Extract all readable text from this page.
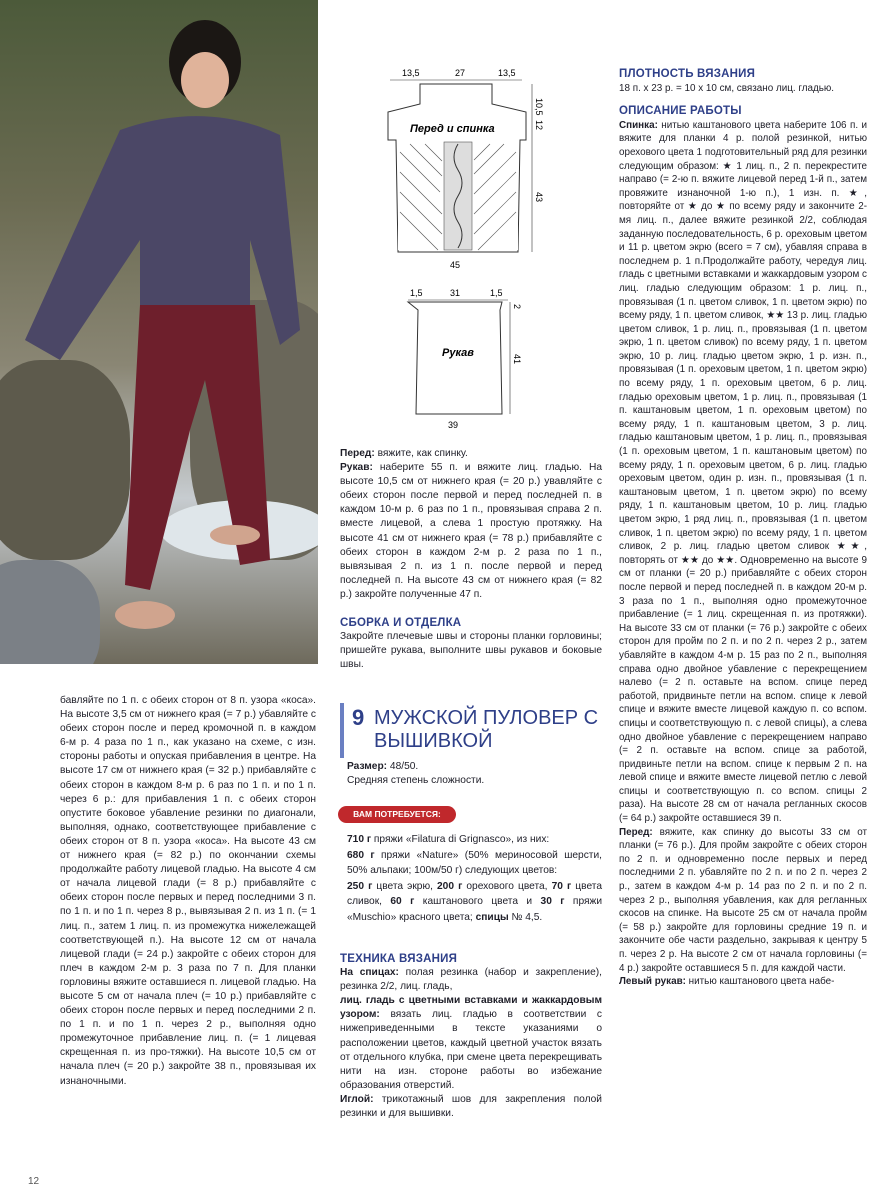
13,5	27	13,5
Перед и спинка
45
10,5
12
43
1,5	31	1,5
Рукав
39
2
41

бавляйте по 1 п. с обеих сторон от 8 п. узора «коса». На высоте 3,5 см от нижнего края (= 7 р.) убавляйте с обеих сторон после и перед кромочной п. в каждом 6-м р. 4 раза по 1 п., как указано на схеме, с изн. стороны работы и опуская прибавления в центре. На высоте 17 см от нижнего края (= 32 р.) прибавляйте с обеих сторон в каждом 8-м р. 6 раз по 1 п. и по 1 п. через 6 р.: для прибавления 1 п. с обеих сторон опустите боковое убавление резинки по диагонали, выполняя, однако, соответствующее прибавление с обеих сторон от 8 п. узора «коса». На высоте 43 см от нижнего края (= 82 р.) по окончании схемы продолжайте работу лицевой гладью. На высоте 4 см от начала лицевой глади (= 8 р.) прибавляйте с обеих сторон после первых и перед последними 3 п. по 1 п. и по 1 п. через 8 р., вывязывая 2 п. из 1 п. (= 1 лиц. п., затем 1 лиц. п. из промежутка нижележащей соответствующей п.). На высоте 12 см от начала лицевой глади (= 24 р.) закройте с обеих сторон для плеч в каждом 2-м р. 3 раза по 7 п. Для планки горловины вяжите оставшиеся п. лицевой гладью. На высоте 5 см от начала плеч (= 10 р.) прибавляйте с обеих сторон после первых и перед последними 2 п. по 1 п. и по 1 п. через 2 р., выполняя одно промежуточное прибавление лиц. п. (= 1 лицевая скрещенная п. из про-тяжки). На высоте 10,5 см от начала плеч (= 20 р.) закройте 38 п., провязывая их изнаночными.

Перед: вяжите, как спинку.

Рукав: наберите 55 п. и вяжите лиц. гладью. На высоте 10,5 см от нижнего края (= 20 р.) увавляйте с обеих сторон после первой и перед последней п. в каждом 10-м р. 6 раз по 1 п., провязывая справа 2 п. вместе лицевой, а слева 1 простую протяжку. На высоте 41 см от нижнего края (= 78 р.) прибавляйте с обеих сторон в каждом 2-м р. 2 раза по 1 п., вывязывая 2 п. из 1 п. после первой и перед последней п. На высоте 43 см от нижнего края (= 82 р.) закройте полученные 47 п.

СБОРКА И ОТДЕЛКА

Закройте плечевые швы и стороны планки горловины; пришейте рукава, выполните швы рукавов и боковые швы.

9 МУЖСКОЙ ПУЛОВЕР С ВЫШИВКОЙ

Размер: 48/50.

Средняя степень сложности.

ВАМ ПОТРЕБУЕТСЯ:

710 г пряжи «Filatura di Grignasco», из них:

680 г пряжи «Nature» (50% мериносовой шерсти, 50% альпаки; 100м/50 г) следующих цветов:

250 г цвета экрю, 200 г орехового цвета, 70 г цвета сливок, 60 г каштанового цвета и 30 г пряжи «Muschio» красного цвета; спицы № 4,5.

ТЕХНИКА ВЯЗАНИЯ

На спицах: полая резинка (набор и закрепление), резинка 2/2, лиц. гладь,

лиц. гладь с цветными вставками и жаккардовым узором: вязать лиц. гладью в соответствии с нижеприведенными в тексте указаниями о расположении цветов, каждый цветной участок вязать от отдельного клубка, при смене цвета перекрещивать нити на изн. стороне работы во избежание образования отверстий.

Иглой: трикотажный шов для закрепления полой резинки и для вышивки.

ПЛОТНОСТЬ ВЯЗАНИЯ

18 п. х 23 р. = 10 х 10 см, связано лиц. гладью.

ОПИСАНИЕ РАБОТЫ

Спинка: нитью каштанового цвета наберите 106 п. и вяжите для планки 4 р. полой резинкой, нитью орехового цвета 1 подготовительный ряд для резинки следующим образом: ★ 1 лиц. п., 2 п. перекрестите направо (= 2-ю п. вяжите лицевой перед 1-й п., затем провяжите изнаночной 1-ю п.), 1 изн. п. ★, повторяйте от ★ до ★ по всему ряду и закончите 2-мя лиц. п., далее вяжите резинкой 2/2, соблюдая заданную последовательность, 6 р. ореховым цветом и 11 р. цветом экрю (всего = 7 см), убавляя справа в последнем р. 1 п.Продолжайте работу, чередуя лиц. гладь с цветными вставками и жаккардовым узором с лиц. гладью следующим образом: 1 р. лиц. п., провязывая (1 п. цветом сливок, 1 п. цветом экрю) по всему ряду, 1 п. цветом сливок, ★★ 13 р. лиц. гладью цветом сливок, 1 р. лиц. п., провязывая (1 п. цветом экрю, 1 п. цветом сливок) по всему ряду, 1 п. цветом экрю, 10 р. лиц. гладью цветом экрю, 1 р. изн. п., провязывая (1 п. ореховым цветом, 1 п. цветом экрю) по всему ряду, 1 п. ореховым цветом, 6 р. лиц. гладью ореховым цветом, 1 р. лиц. п., провязывая (1 п. каштановым цветом, 1 п. ореховым цветом) по всему ряду, 1 п. каштановым цветом, 3 р. лиц. гладью каштановым цветом, 1 р. лиц. п., провязывая (1 п. ореховым цветом, 1 п. каштановым цветом) по всему ряду, 1 п. ореховым цветом, 6 р. лиц. гладью ореховым цветом, один р. изн. п., провязывая (1 п. каштановым цветом, 1 п. цветом экрю) по всему ряду, 1 п. каштановым цветом, 10 р. лиц. гладью цветом экрю, 1 ряд лиц. п., провязывая (1 п. цветом сливок, 1 п. цветом экрю) по всему ряду, 1 п. цветом сливок, 2 р. лиц. гладью цветом сливок ★★, повторять от ★★ до ★★. Одновременно на высоте 9 см от планки (= 20 р.) прибавляйте с обеих сторон после первой и перед последней п. в каждом 20-м р. 3 раза по 1 п., выполняя одно промежуточное прибавление (= 1 лиц. скрещенная п. из протяжки). На высоте 33 см от планки (= 76 р.) закройте с обеих сторон для пройм по 2 п. и по 2 п. через 2 р., затем убавляйте в каждом 4-м р. 15 раз по 2 п., выполняя справа одно двойное убавление с перекрещением налево (= 2 п. оставьте на вспом. спице перед работой, придвиньте петли на вспом. спице к левой спице и вяжите вместе лицевой каждую п. со вспом. спицы и соответствующую п. с левой спицы), а слева одно двойное убавление с перекрещением направо (= 2 п. оставьте на вспом. спице за работой, придвиньте петли на вспом. спице к первым 2 п. на левой спице и вяжите вместе лицевой петлю с левой спицы и соответствующую п. со вспом. спицы 2 раза). На высоте 28 см от начала регланных скосов (= 64 р.) закройте оставшиеся 39 п.

Перед: вяжите, как спинку до высоты 33 см от планки (= 76 р.). Для пройм закройте с обеих сторон по 2 п. и одновременно после первых и перед последними 2 п. убавляйте по 2 п. и по 2 п. через 2 р., затем в каждом 4-м р. 14 раз по 2 п. и по 2 п. через 2 р., выполняя убавления, как для регланных скосов на спинке. На высоте 25 см от начала пройм (= 58 р.) закройте для горловины средние 19 п. и закончите обе части раздельно, закрывая к центру 5 п. через 2 р. На высоте 2 см от начала горловины (= 4 р.) закройте оставшиеся 5 п. для каждой части.

Левый рукав: нитью каштанового цвета набе-

12
